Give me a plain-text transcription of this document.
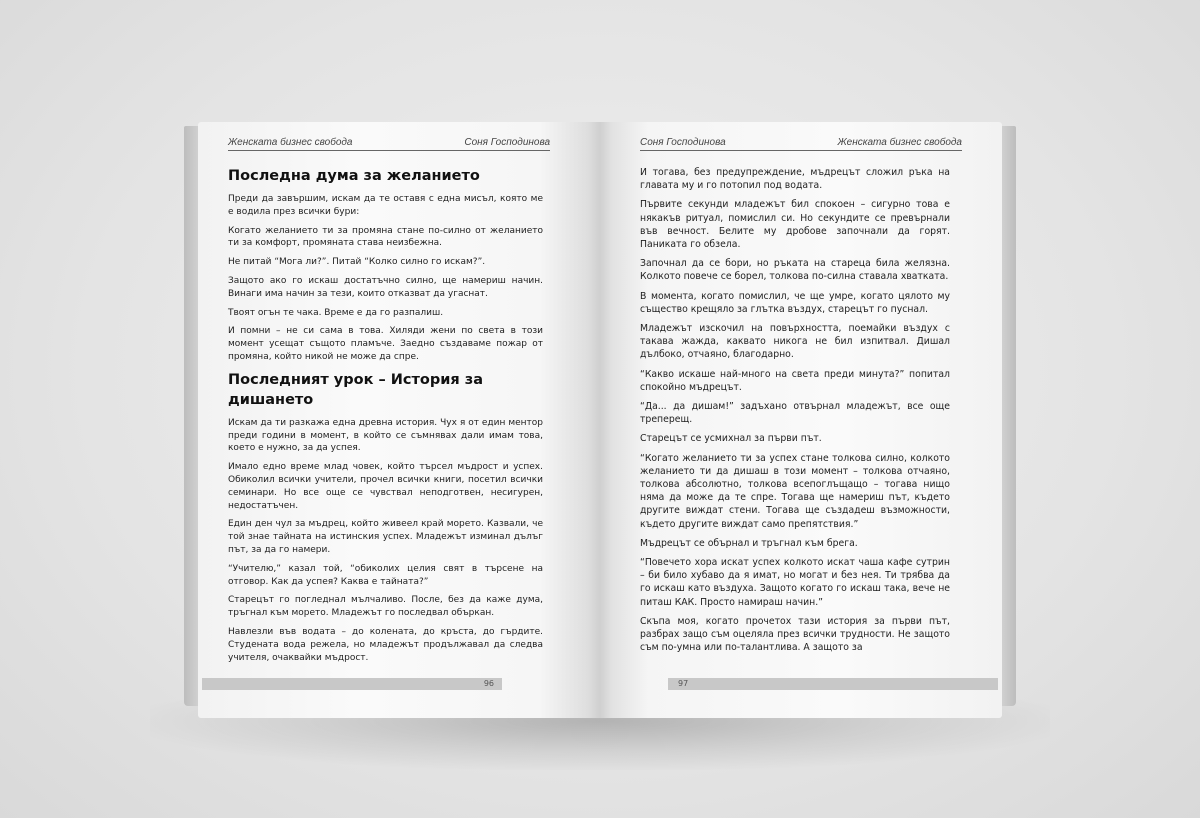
Женската бизнес свобода	Соня Господинова
Последна дума за желанието

Преди да завършим, искам да те оставя с една мисъл, която ме е водила през всички бури:

Когато желанието ти за промяна стане по-силно от желанието ти за комфорт, промяната става неизбежна.

Не питай “Мога ли?”. Питай “Колко силно го искам?”.

Защото ако го искаш достатъчно силно, ще намериш начин. Винаги има начин за тези, които отказват да угаснат.

Твоят огън те чака. Време е да го разпалиш.

И помни – не си сама в това. Хиляди жени по света в този момент усещат същото пламъче. Заедно създаваме пожар от промяна, който никой не може да спре.

Последният урок – История за дишането

Искам да ти разкажа една древна история. Чух я от един ментор преди години в момент, в който се съмнявах дали имам това, което е нужно, за да успея.

Имало едно време млад човек, който търсел мъдрост и успех. Обиколил всички учители, прочел всички книги, посетил всички семинари. Но все още се чувствал неподготвен, несигурен, недостатъчен.

Един ден чул за мъдрец, който живеел край морето. Казвали, че той знае тайната на истинския успех. Младежът изминал дълъг път, за да го намери.

“Учителю,” казал той, “обиколих целия свят в търсене на отговор. Как да успея? Каква е тайната?”

Старецът го погледнал мълчаливо. После, без да каже дума, тръгнал към морето. Младежът го последвал объркан.

Навлезли във водата – до колената, до кръста, до гърдите. Студената вода режела, но младежът продължавал да следва учителя, очаквайки мъдрост.

96
Соня Господинова	Женската бизнес свобода

И тогава, без предупреждение, мъдрецът сложил ръка на главата му и го потопил под водата.

Първите секунди младежът бил спокоен – сигурно това е някакъв ритуал, помислил си. Но секундите се превърнали във вечност. Белите му дробове започнали да горят. Паниката го обзела.

Започнал да се бори, но ръката на стареца била желязна. Колкото повече се борел, толкова по-силна ставала хватката.

В момента, когато помислил, че ще умре, когато цялото му същество крещяло за глътка въздух, старецът го пуснал.

Младежът изскочил на повърхността, поемайки въздух с такава жажда, каквато никога не бил изпитвал. Дишал дълбоко, отчаяно, благодарно.

“Какво искаше най-много на света преди минута?” попитал спокойно мъдрецът.

“Да... да дишам!” задъхано отвърнал младежът, все още треперещ.

Старецът се усмихнал за първи път.

“Когато желанието ти за успех стане толкова силно, колкото желанието ти да дишаш в този момент – толкова отчаяно, толкова абсолютно, толкова всепоглъщащо – тогава нищо няма да може да те спре. Тогава ще намериш път, където другите виждат стени. Тогава ще създадеш възможности, където другите виждат само препятствия.”

Мъдрецът се обърнал и тръгнал към брега.

“Повечето хора искат успех колкото искат чаша кафе сутрин – би било хубаво да я имат, но могат и без нея. Ти трябва да го искаш като въздуха. Защото когато го искаш така, вече не питаш КАК. Просто намираш начин.”

Скъпа моя, когато прочетох тази история за първи път, разбрах защо съм оцеляла през всички трудности. Не защото съм по-умна или по-талантлива. А защото за

97
